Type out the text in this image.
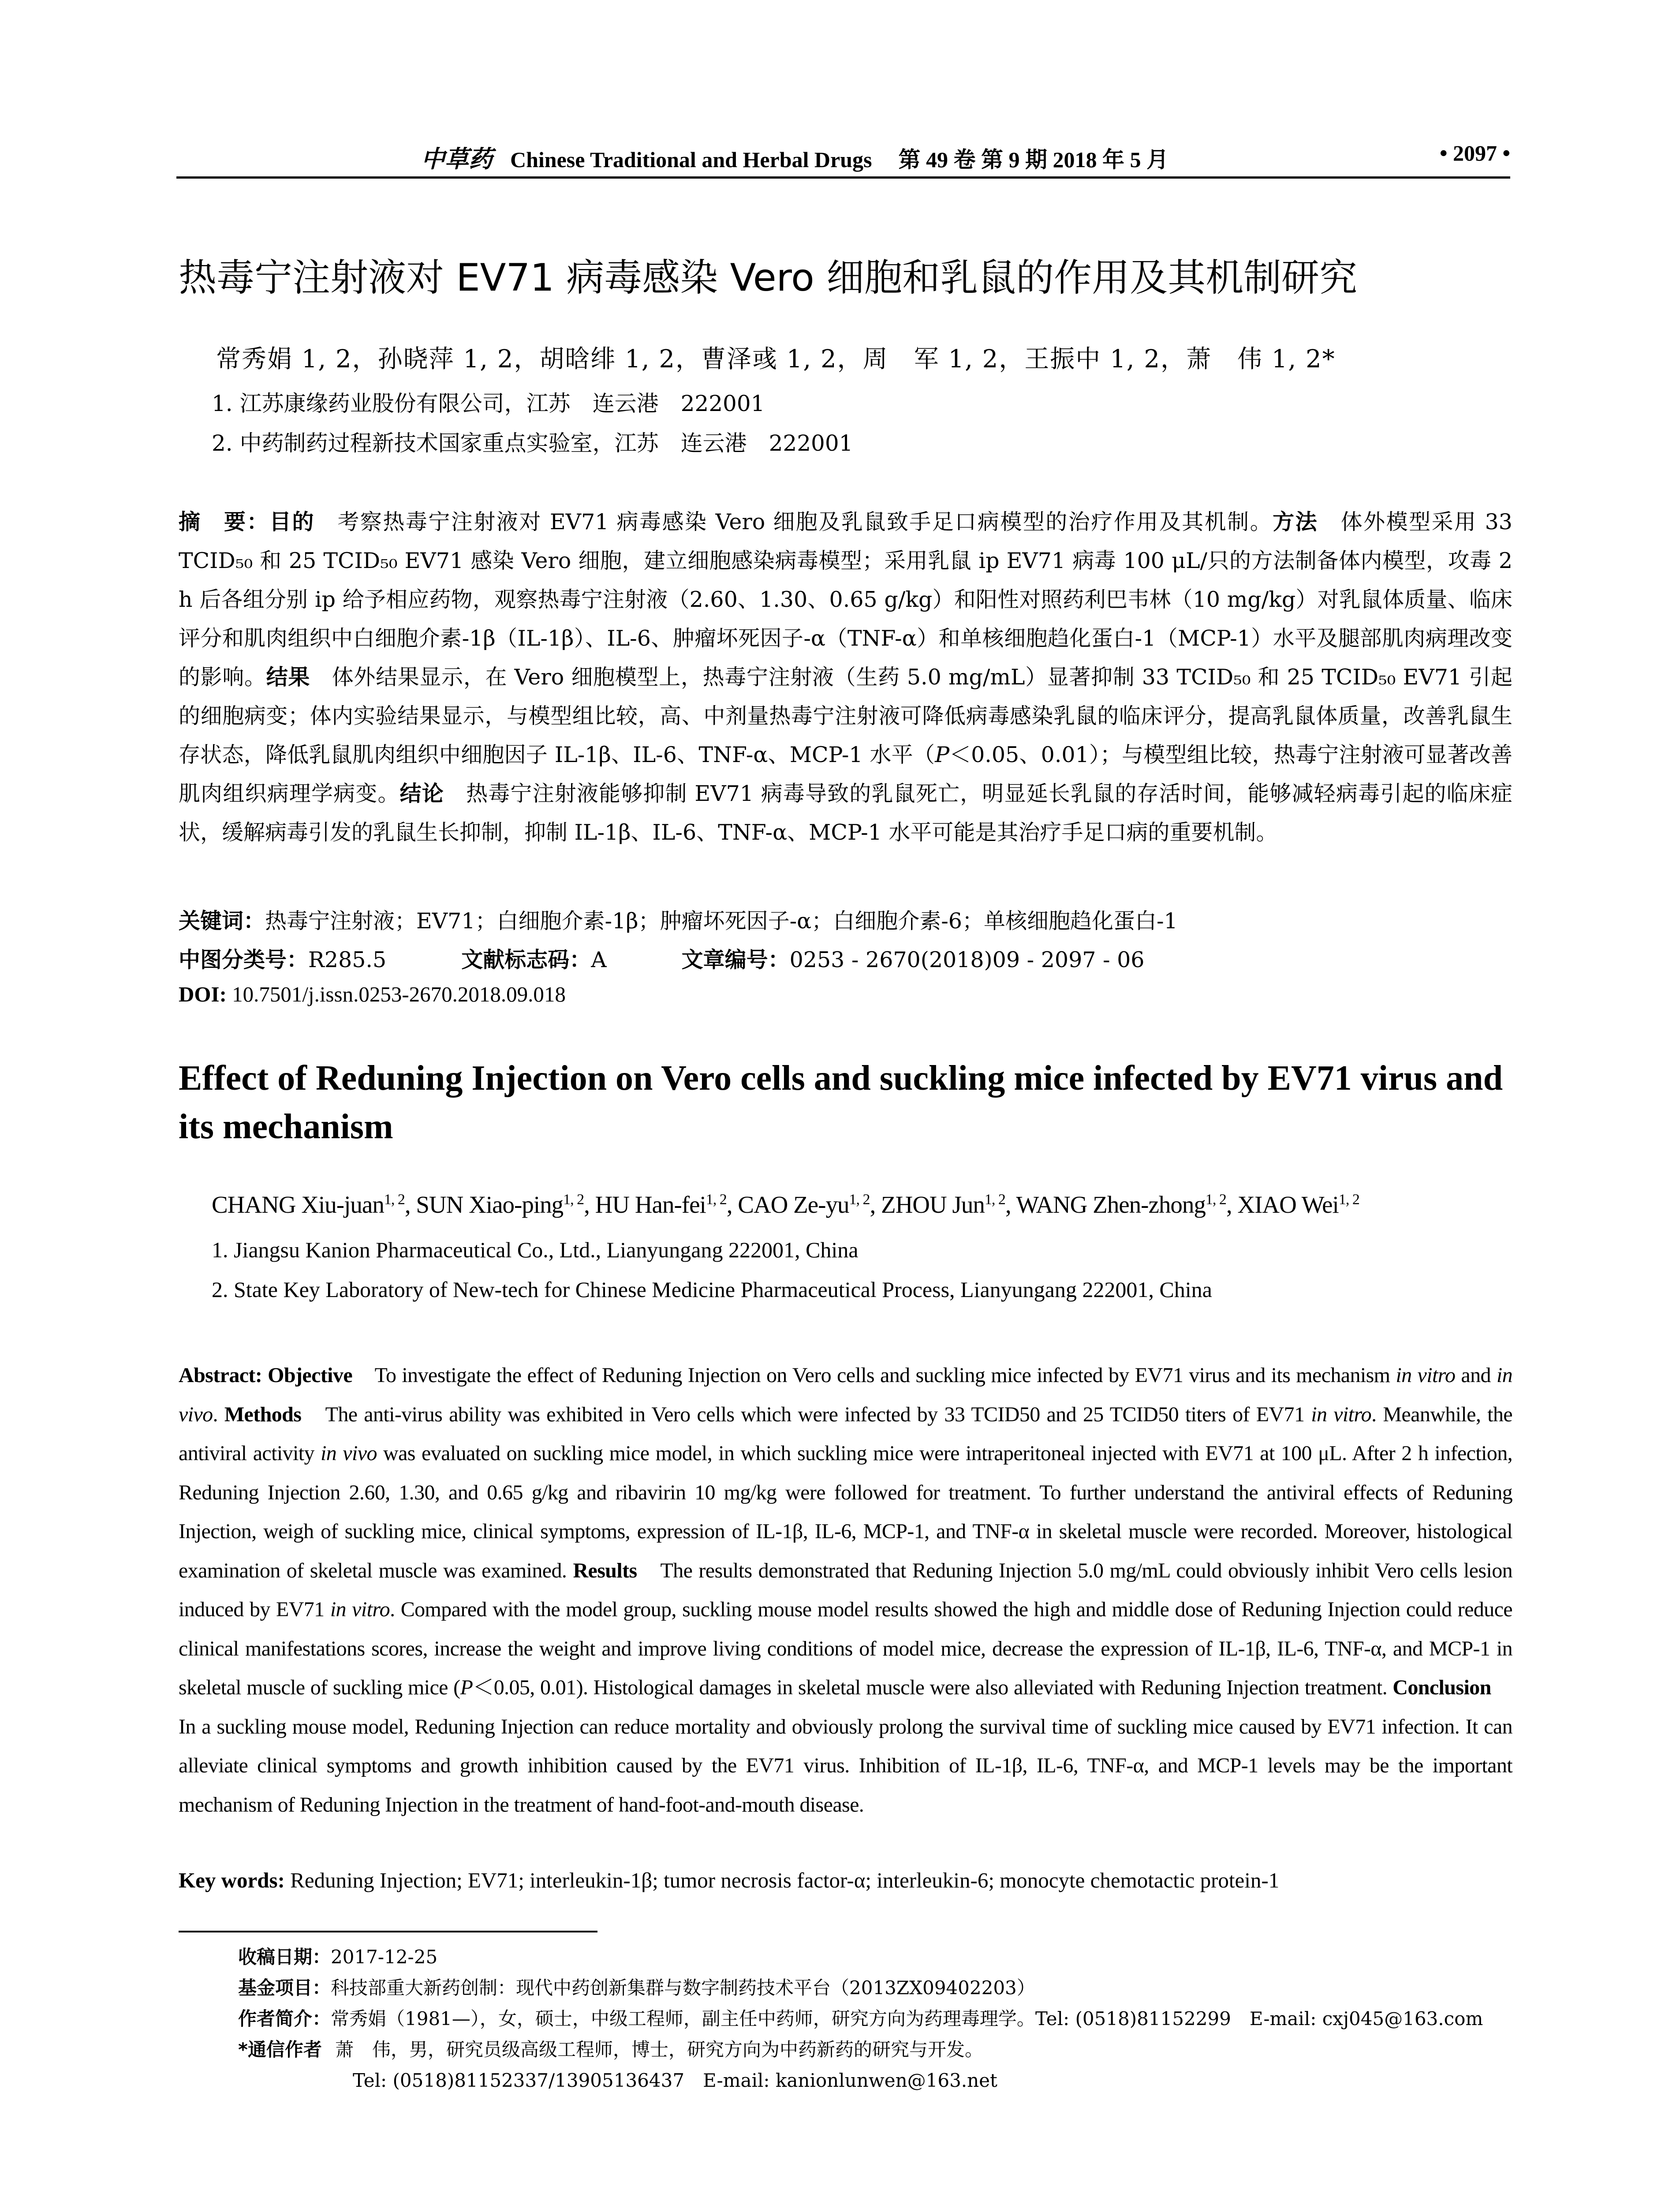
中草药 Chinese Traditional and Herbal Drugs 第 49 卷 第 9 期 2018 年 5 月	• 2097 •
热毒宁注射液对 EV71 病毒感染 Vero 细胞和乳鼠的作用及其机制研究
常秀娟 1, 2，孙晓萍 1, 2，胡晗绯 1, 2，曹泽彧 1, 2，周　军 1, 2，王振中 1, 2，萧　伟 1, 2*
1. 江苏康缘药业股份有限公司，江苏　连云港　222001
2. 中药制药过程新技术国家重点实验室，江苏　连云港　222001
摘　要：目的　考察热毒宁注射液对 EV71 病毒感染 Vero 细胞及乳鼠致手足口病模型的治疗作用及其机制。方法　体外模型采用 33 TCID₅₀ 和 25 TCID₅₀ EV71 感染 Vero 细胞，建立细胞感染病毒模型；采用乳鼠 ip EV71 病毒 100 μL/只的方法制备体内模型，攻毒 2 h 后各组分别 ip 给予相应药物，观察热毒宁注射液（2.60、1.30、0.65 g/kg）和阳性对照药利巴韦林（10 mg/kg）对乳鼠体质量、临床评分和肌肉组织中白细胞介素-1β（IL-1β）、IL-6、肿瘤坏死因子-α（TNF-α）和单核细胞趋化蛋白-1（MCP-1）水平及腿部肌肉病理改变的影响。结果　体外结果显示，在 Vero 细胞模型上，热毒宁注射液（生药 5.0 mg/mL）显著抑制 33 TCID₅₀ 和 25 TCID₅₀ EV71 引起的细胞病变；体内实验结果显示，与模型组比较，高、中剂量热毒宁注射液可降低病毒感染乳鼠的临床评分，提高乳鼠体质量，改善乳鼠生存状态，降低乳鼠肌肉组织中细胞因子 IL-1β、IL-6、TNF-α、MCP-1 水平（P＜0.05、0.01）；与模型组比较，热毒宁注射液可显著改善肌肉组织病理学病变。结论　热毒宁注射液能够抑制 EV71 病毒导致的乳鼠死亡，明显延长乳鼠的存活时间，能够减轻病毒引起的临床症状，缓解病毒引发的乳鼠生长抑制，抑制 IL-1β、IL-6、TNF-α、MCP-1 水平可能是其治疗手足口病的重要机制。
关键词：热毒宁注射液；EV71；白细胞介素-1β；肿瘤坏死因子-α；白细胞介素-6；单核细胞趋化蛋白-1
中图分类号：R285.5	文献标志码：A	文章编号：0253 - 2670(2018)09 - 2097 - 06
DOI: 10.7501/j.issn.0253-2670.2018.09.018
Effect of Reduning Injection on Vero cells and suckling mice infected by EV71 virus and its mechanism
CHANG Xiu-juan$^{1, 2}$, SUN Xiao-ping$^{1, 2}$, HU Han-fei$^{1, 2}$, CAO Ze-yu$^{1, 2}$, ZHOU Jun$^{1, 2}$, WANG Zhen-zhong$^{1, 2}$, XIAO Wei$^{1, 2}$
1. Jiangsu Kanion Pharmaceutical Co., Ltd., Lianyungang 222001, China
2. State Key Laboratory of New-tech for Chinese Medicine Pharmaceutical Process, Lianyungang 222001, China
Abstract: Objective　To investigate the effect of Reduning Injection on Vero cells and suckling mice infected by EV71 virus and its mechanism in vitro and in vivo. Methods　The anti-virus ability was exhibited in Vero cells which were infected by 33 TCID50 and 25 TCID50 titers of EV71 in vitro. Meanwhile, the antiviral activity in vivo was evaluated on suckling mice model, in which suckling mice were intraperitoneal injected with EV71 at 100 μL. After 2 h infection, Reduning Injection 2.60, 1.30, and 0.65 g/kg and ribavirin 10 mg/kg were followed for treatment. To further understand the antiviral effects of Reduning Injection, weigh of suckling mice, clinical symptoms, expression of IL-1β, IL-6, MCP-1, and TNF-α in skeletal muscle were recorded. Moreover, histological examination of skeletal muscle was examined. Results　The results demonstrated that Reduning Injection 5.0 mg/mL could obviously inhibit Vero cells lesion induced by EV71 in vitro. Compared with the model group, suckling mouse model results showed the high and middle dose of Reduning Injection could reduce clinical manifestations scores, increase the weight and improve living conditions of model mice, decrease the expression of IL-1β, IL-6, TNF-α, and MCP-1 in skeletal muscle of suckling mice (P＜0.05, 0.01). Histological damages in skeletal muscle were also alleviated with Reduning Injection treatment. Conclusion　In a suckling mouse model, Reduning Injection can reduce mortality and obviously prolong the survival time of suckling mice caused by EV71 infection. It can alleviate clinical symptoms and growth inhibition caused by the EV71 virus. Inhibition of IL-1β, IL-6, TNF-α, and MCP-1 levels may be the important mechanism of Reduning Injection in the treatment of hand-foot-and-mouth disease.
Key words: Reduning Injection; EV71; interleukin-1β; tumor necrosis factor-α; interleukin-6; monocyte chemotactic protein-1
收稿日期：2017-12-25
基金项目：科技部重大新药创制：现代中药创新集群与数字制药技术平台（2013ZX09402203）
作者简介：常秀娟（1981—），女，硕士，中级工程师，副主任中药师，研究方向为药理毒理学。Tel: (0518)81152299　E-mail: cxj045@163.com
*通信作者 萧　伟，男，研究员级高级工程师，博士，研究方向为中药新药的研究与开发。
Tel: (0518)81152337/13905136437　E-mail: kanionlunwen@163.net
